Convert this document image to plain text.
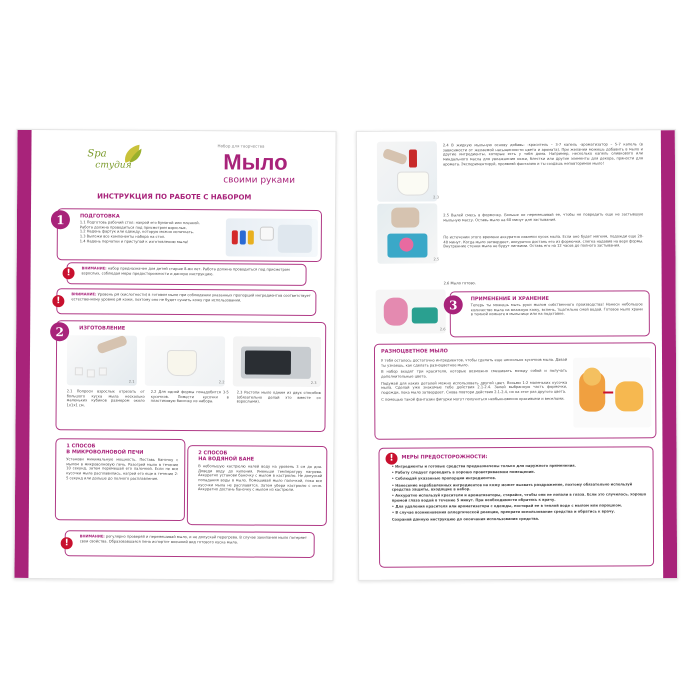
Spa
студия
Набор для творчества
Мыло
своими руками
ИНСТРУКЦИЯ ПО РАБОТЕ С НАБОРОМ
ПОДГОТОВКА
1.1 Подготовь рабочий стол: накрой его бумагой или пленкой.
Работа должна проводиться под присмотром взрослых.
1.2 Надень фартук или одежду, которую можно испачкать.
1.3 Выложи все компоненты набора на стол.
1.4 Надень перчатки и приступай к изготовлению мыла!
1
!	ВНИМАНИЕ: набор предназначен для детей старше 8-ми лет. Работа должна проводиться под присмотром взрослых, соблюдая меры предосторожности и данную инструкцию.
!
ВНИМАНИЕ: Уровень pH (кислотности) в готовом мыле при соблюдении указанных пропорций ингредиентов соответствует естественному уровню pH кожи, поэтому оно не будет сушить кожу при использовании.
ИЗГОТОВЛЕНИЕ
2.1	2.2	2.3
2.1 Попроси взрослых отрезать от большого куска мыла несколько маленьких кубиков размером около 1х1х1 см.
2.2 Для одной формы понадобится 3-5 кусочков. Помести кусочки в пластиковую баночку из набора.
2.3 Растопи мыло одним из двух способов (обязательно делай это вместе со взрослыми).
2
1 СПОСОБ
В МИКРОВОЛНОВОЙ ПЕЧИ
Установи минимальную мощность. Поставь баночку с мылом в микроволновую печь. Разогрей мыло в течение 10 секунд, затем перемешай его палочкой. Если не все кусочки мыла расплавились, нагрей его еще в течение 2-5 секунд или дольше до полного расплавления.
2 СПОСОБ
НА ВОДЯНОЙ БАНЕ
В небольшую кастрюлю налей воду на уровень 3 см до дна. Доведи воду до кипения. Уменьши температуру нагрева. Аккуратно установи баночку с мылом в кастрюлю. Не допускай попадания воды в мыло. Помешивай мыло палочкой, пока все кусочки мыла не расплавятся. Затем убери кастрюлю с огня. Аккуратно достань баночку с мылом из кастрюли.
!
ВНИМАНИЕ: регулярно проверяй и перемешивай мыло, и не допускай перегрева. В случае закипания мыло потеряет свои свойства. Образовавшаяся пена испортит внешний вид готового куска мыла.
2.3
2.5
2.4 В жидкую мыльную основу добавь: -краситель – 3-7 капель -ароматизатор – 5-7 капель (в зависимости от желаемой насыщенности цвета и аромата). При желании можешь добавить в мыло и другие ингредиенты, которые есть у тебя дома. Например, несколько капель оливкового или миндального масла для увлажнения кожи, блестки или другие элементы для декора, пряности для аромата. Экспериментируй, проявляй фантазию и ты создашь неповторимое мыло!
2.5 Вылей смесь в формочку. Больше не перемешивай ее, чтобы не повредить еще не застывшую мыльную массу. Оставь мыло на 60 минут для застывания.
По истечении этого времени аккуратно извлеки кусок мыла. Если оно будет мягким, подожди еще 20-40 минут. Когда мыло затвердеет, аккуратно достань его из формочки, слегка надавив на верх формы. Внутренние стенки мыла не будут липкими. Оставь его на 12 часов до полного застывания.
2.6 Мыло готово.
2.6
ПРИМЕНЕНИЕ И ХРАНЕНИЕ
Теперь ты можешь мыть руки мылом собственного производства! Нанеси небольшое количество мыла на влажную кожу, вспень, тщательно смой водой. Готовое мыло храни в темной комнате в мыльнице или на подставке.
3
РАЗНОЦВЕТНОЕ МЫЛО
У тебя осталось достаточно ингредиентов, чтобы сделать еще несколько кусочков мыла. Давай ты узнаешь, как сделать разноцветное мыло.
В набор входят три красителя, которые возможно смешивать между собой и получать дополнительные цвета.
Подумай для каких деталей можно использовать другой цвет. Возьми 1-2 маленьких кусочка мыла. Сделай уже знакомые тебе действия 2.1-2.4. Залей выбранную часть формочки, подожди, пока мыло затвердеет. Снова повтори действия 2.1-2.4, но на этот раз другого цвета.
С помощью такой фантазии фигурки могут получиться необыкновенно красивыми и веселыми.
!	МЕРЫ ПРЕДОСТОРОЖНОСТИ:
• Ингредиенты и готовые средства предназначены только для наружного применения.
• Работу следует проводить в хорошо проветриваемом помещении.
• Соблюдай указанные пропорции ингредиентов.
• Нанесение нерабавленных ингредиентов на кожу может вызвать раздражение, поэтому обязательно используй средства защиты, входящие в набор.
• Аккуратно используй красители и ароматизаторы, старайся, чтобы они не попали в глаза. Если это случилось, хорошо промой глаза водой в течение 5 минут. При необходимости обратись к врачу.
• Для удаления красителя или ароматизатора с одежды, постирай ее в теплой воде с мылом или порошком.
• В случае возникновения аллергической реакции, прекрати использование средства и обратись к врачу.
Сохраняй данную инструкцию до окончания использования средства.
